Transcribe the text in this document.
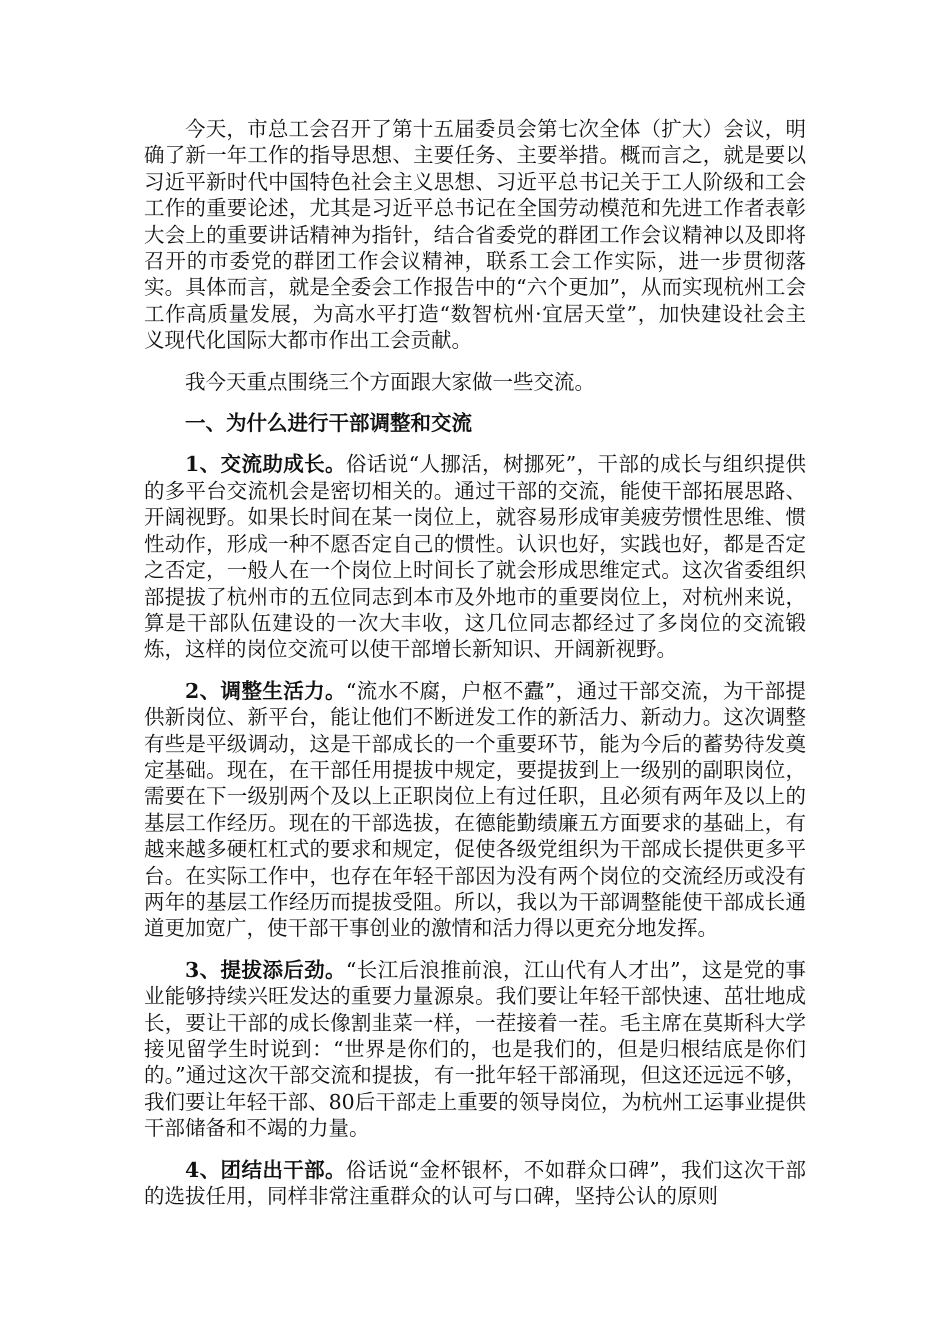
今天，市总工会召开了第十五届委员会第七次全体（扩大）会议，明确了新一年工作的指导思想、主要任务、主要举措。概而言之，就是要以习近平新时代中国特色社会主义思想、习近平总书记关于工人阶级和工会工作的重要论述，尤其是习近平总书记在全国劳动模范和先进工作者表彰大会上的重要讲话精神为指针，结合省委党的群团工作会议精神以及即将召开的市委党的群团工作会议精神，联系工会工作实际，进一步贯彻落实。具体而言，就是全委会工作报告中的“六个更加”，从而实现杭州工会工作高质量发展，为高水平打造“数智杭州·宜居天堂”，加快建设社会主义现代化国际大都市作出工会贡献。

我今天重点围绕三个方面跟大家做一些交流。

一、为什么进行干部调整和交流

1、交流助成长。俗话说“人挪活，树挪死”，干部的成长与组织提供的多平台交流机会是密切相关的。通过干部的交流，能使干部拓展思路、开阔视野。如果长时间在某一岗位上，就容易形成审美疲劳惯性思维、惯性动作，形成一种不愿否定自己的惯性。认识也好，实践也好，都是否定之否定，一般人在一个岗位上时间长了就会形成思维定式。这次省委组织部提拔了杭州市的五位同志到本市及外地市的重要岗位上，对杭州来说，算是干部队伍建设的一次大丰收，这几位同志都经过了多岗位的交流锻炼，这样的岗位交流可以使干部增长新知识、开阔新视野。

2、调整生活力。“流水不腐，户枢不蠹”，通过干部交流，为干部提供新岗位、新平台，能让他们不断迸发工作的新活力、新动力。这次调整有些是平级调动，这是干部成长的一个重要环节，能为今后的蓄势待发奠定基础。现在，在干部任用提拔中规定，要提拔到上一级别的副职岗位，需要在下一级别两个及以上正职岗位上有过任职，且必须有两年及以上的基层工作经历。现在的干部选拔，在德能勤绩廉五方面要求的基础上，有越来越多硬杠杠式的要求和规定，促使各级党组织为干部成长提供更多平台。在实际工作中，也存在年轻干部因为没有两个岗位的交流经历或没有两年的基层工作经历而提拔受阻。所以，我以为干部调整能使干部成长通道更加宽广，使干部干事创业的激情和活力得以更充分地发挥。

3、提拔添后劲。“长江后浪推前浪，江山代有人才出”，这是党的事业能够持续兴旺发达的重要力量源泉。我们要让年轻干部快速、茁壮地成长，要让干部的成长像割韭菜一样，一茬接着一茬。毛主席在莫斯科大学接见留学生时说到：“世界是你们的，也是我们的，但是归根结底是你们的。”通过这次干部交流和提拔，有一批年轻干部涌现，但这还远远不够，我们要让年轻干部、80后干部走上重要的领导岗位，为杭州工运事业提供干部储备和不竭的力量。

4、团结出干部。俗话说“金杯银杯，不如群众口碑”，我们这次干部的选拔任用，同样非常注重群众的认可与口碑，坚持公认的原则
